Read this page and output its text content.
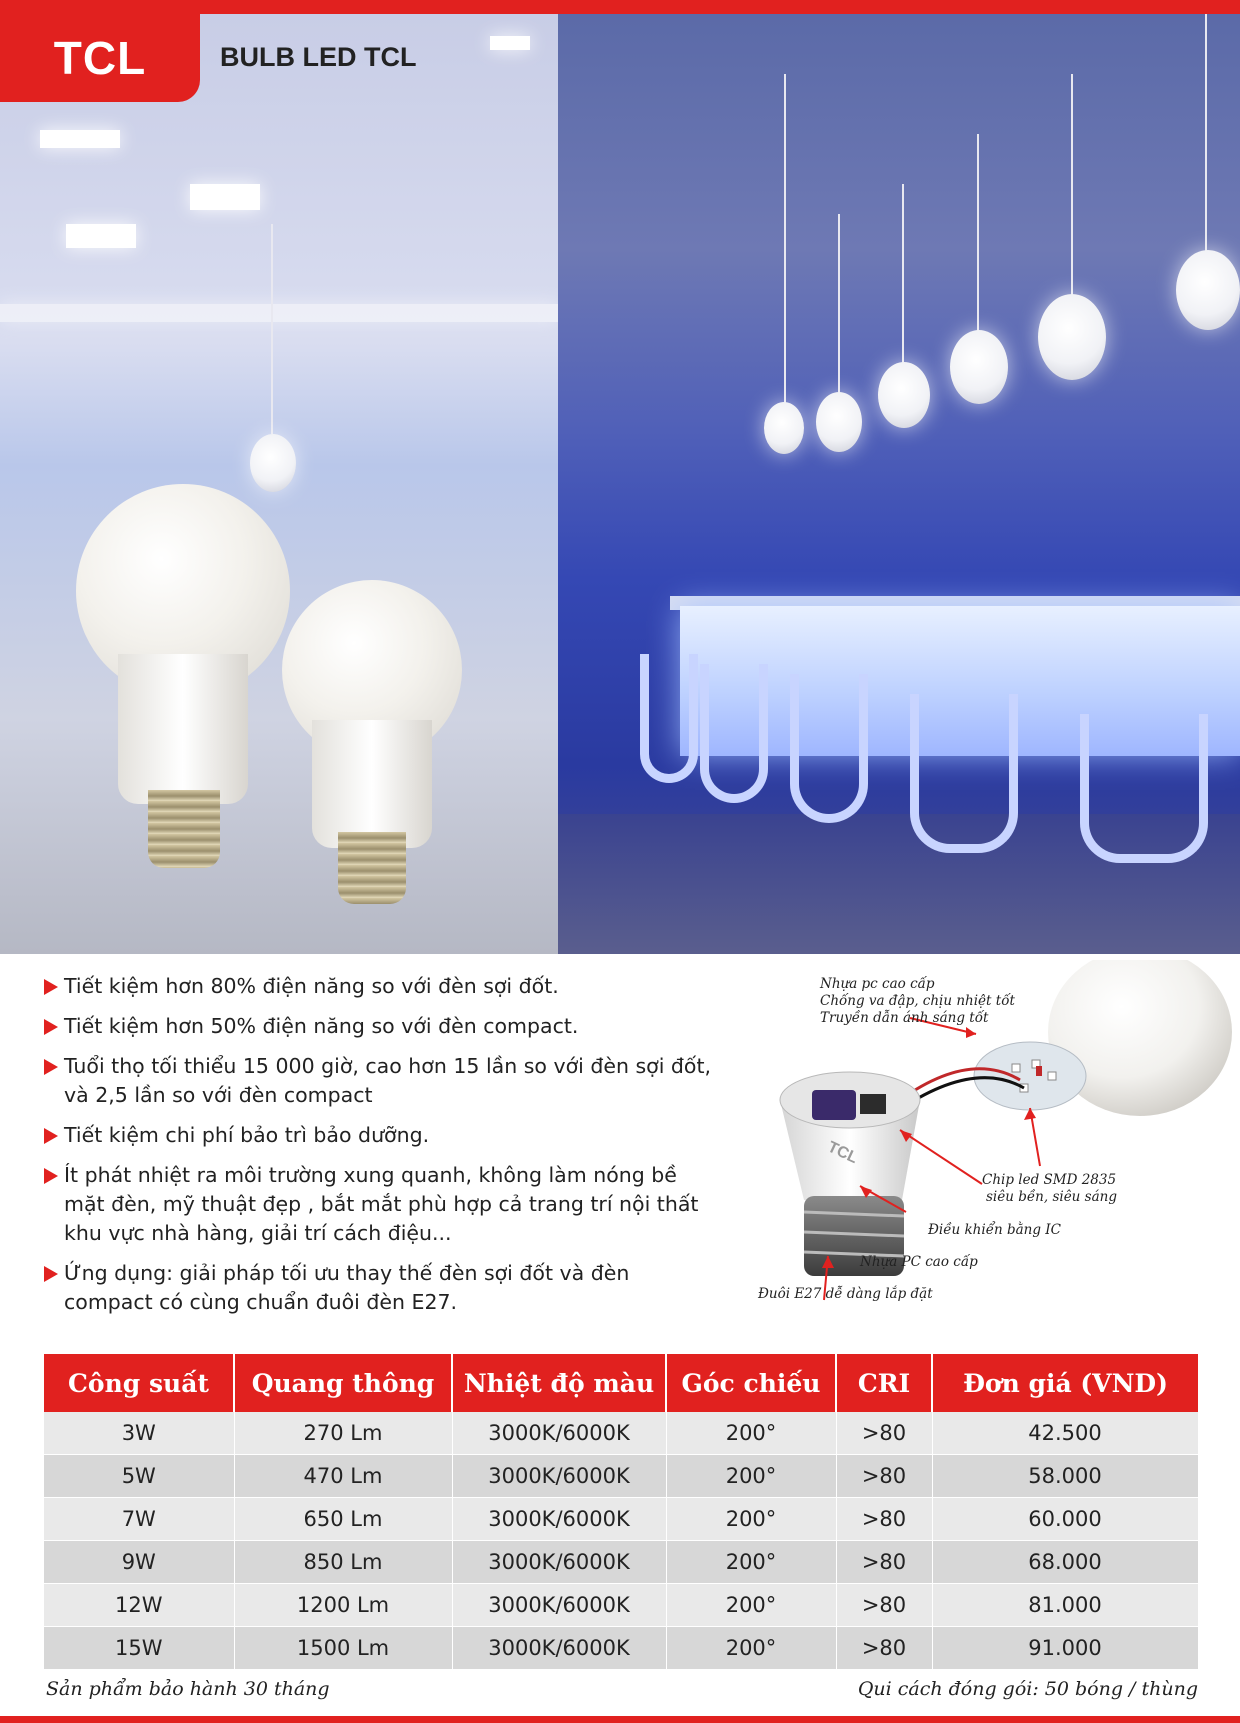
TCL	BULB LED TCL
Tiết kiệm hơn 80% điện năng so với đèn sợi đốt.
Tiết kiệm hơn 50% điện năng so với đèn compact.
Tuổi thọ tối thiểu 15 000 giờ, cao hơn 15 lần so với đèn sợi đốt, và 2,5 lần so với đèn compact
Tiết kiệm chi phí bảo trì bảo dưỡng.
Ít phát nhiệt ra môi trường xung quanh, không làm nóng bề mặt đèn, mỹ thuật đẹp , bắt mắt phù hợp cả trang trí nội thất khu vực nhà hàng, giải trí cách điệu...
Ứng dụng: giải pháp tối ưu thay thế đèn sợi đốt và đèn compact có cùng chuẩn đuôi đèn E27.
TCL
Nhựa pc cao cấp
Chống va đập, chịu nhiệt tốt
Truyền dẫn ánh sáng tốt
Chip led SMD 2835
siêu bền, siêu sáng
Điều khiển bằng IC
Nhựa PC cao cấp
Đuôi E27 dễ dàng lắp đặt
Công suất	Quang thông	Nhiệt độ màu	Góc chiếu	CRI	Đơn giá (VND)
3W	270 Lm	3000K/6000K	200°	>80	42.500
5W	470 Lm	3000K/6000K	200°	>80	58.000
7W	650 Lm	3000K/6000K	200°	>80	60.000
9W	850 Lm	3000K/6000K	200°	>80	68.000
12W	1200 Lm	3000K/6000K	200°	>80	81.000
15W	1500 Lm	3000K/6000K	200°	>80	91.000
Sản phẩm bảo hành 30 tháng	Qui cách đóng gói: 50 bóng / thùng
